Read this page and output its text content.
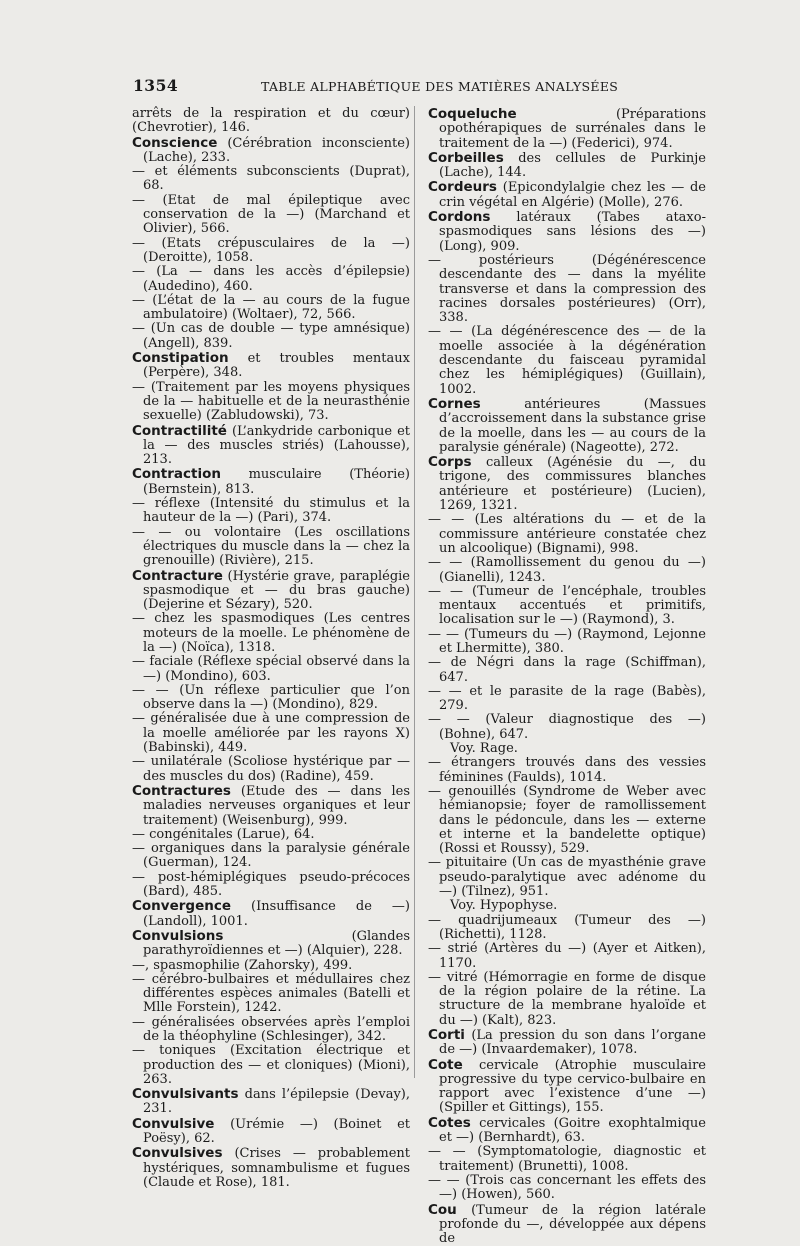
1354	TABLE ALPHABÉTIQUE DES MATIÈRES ANALYSÉES

arrêts de la respiration et du cœur) (Chevrotier), 146.

Conscience (Cérébration inconsciente) (Lache), 233.

— et éléments subconscients (Duprat), 68.

— (Etat de mal épileptique avec conservation de la —) (Marchand et Olivier), 566.

— (Etats crépusculaires de la —) (Deroitte), 1058.

— (La — dans les accès d’épilepsie) (Audedino), 460.

— (L’état de la — au cours de la fugue ambulatoire) (Woltaer), 72, 566.

— (Un cas de double — type amnésique) (Angell), 839.

Constipation et troubles mentaux (Perpère), 348.

— (Traitement par les moyens physiques de la — habituelle et de la neurasthénie sexuelle) (Zabludowski), 73.

Contractilité (L’ankydride carbonique et la — des muscles striés) (Lahousse), 213.

Contraction musculaire (Théorie) (Bernstein), 813.

— réflexe (Intensité du stimulus et la hauteur de la —) (Pari), 374.

— — ou volontaire (Les oscillations électriques du muscle dans la — chez la grenouille) (Rivière), 215.

Contracture (Hystérie grave, paraplégie spasmodique et — du bras gauche) (Dejerine et Sézary), 520.

— chez les spasmodiques (Les centres moteurs de la moelle. Le phénomène de la —) (Noïca), 1318.

— faciale (Réflexe spécial observé dans la —) (Mondino), 603.

— — (Un réflexe particulier que l’on observe dans la —) (Mondino), 829.

— généralisée due à une compression de la moelle améliorée par les rayons X) (Babinski), 449.

— unilatérale (Scoliose hystérique par — des muscles du dos) (Radine), 459.

Contractures (Etude des — dans les maladies nerveuses organiques et leur traitement) (Weisenburg), 999.

— congénitales (Larue), 64.

— organiques dans la paralysie générale (Guerman), 124.

— post-hémiplégiques pseudo-précoces (Bard), 485.

Convergence (Insuffisance de —) (Landoll), 1001.

Convulsions	(Glandes parathyroïdiennes et —) (Alquier), 228.

—, spasmophilie (Zahorsky), 499.

— cérébro-bulbaires et médullaires chez différentes espèces animales (Batelli et Mlle Forstein), 1242.

— généralisées observées après l’emploi de la théophyline (Schlesinger), 342.

— toniques (Excitation électrique et production des — et cloniques) (Mioni), 263.

Convulsivants dans l’épilepsie (Devay), 231.

Convulsive (Urémie —) (Boinet et Poësy), 62.

Convulsives (Crises — probablement hystériques, somnambulisme et fugues (Claude et Rose), 181.

Coqueluche	(Préparations opothérapiques de surrénales dans le traitement de la —) (Federici), 974.

Corbeilles des cellules de Purkinje (Lache), 144.

Cordeurs (Epicondylalgie chez les — de crin végétal en Algérie) (Molle), 276.

Cordons latéraux (Tabes ataxo-spasmodiques sans lésions des —) (Long), 909.

— postérieurs (Dégénérescence descendante des — dans la myélite transverse et dans la compression des racines dorsales postérieures) (Orr), 338.

— — (La dégénérescence des — de la moelle associée à la dégénération descendante du faisceau pyramidal chez les hémiplégiques) (Guillain), 1002.

Cornes	antérieures (Massues d’accroissement dans la substance grise de la moelle, dans les — au cours de la paralysie générale) (Nageotte), 272.

Corps calleux (Agénésie du —, du trigone, des commissures blanches antérieure et postérieure) (Lucien), 1269, 1321.

— — (Les altérations du — et de la commissure antérieure constatée chez un alcoolique) (Bignami), 998.

— — (Ramollissement du genou du —) (Gianelli), 1243.

— — (Tumeur de l’encéphale, troubles mentaux accentués et primitifs, localisation sur le —) (Raymond), 3.

— — (Tumeurs du —) (Raymond, Lejonne et Lhermitte), 380.

— de Négri dans la rage (Schiffman), 647.

— — et le parasite de la rage (Babès), 279.

— — (Valeur diagnostique des —) (Bohne), 647.

Voy. Rage.

— étrangers trouvés dans des vessies féminines (Faulds), 1014.

— genouillés (Syndrome de Weber avec hémianopsie; foyer de ramollissement dans le pédoncule, dans les — externe et interne et la bandelette optique) (Rossi et Roussy), 529.

— pituitaire (Un cas de myasthénie grave pseudo-paralytique avec adénome du —) (Tilnez), 951.

Voy. Hypophyse.

— quadrijumeaux (Tumeur des —) (Richetti), 1128.

— strié (Artères du —) (Ayer et Aitken), 1170.

— vitré (Hémorragie en forme de disque de la région polaire de la rétine. La structure de la membrane hyaloïde et du —) (Kalt), 823.

Corti (La pression du son dans l’organe de —) (Invaardemaker), 1078.

Cote cervicale (Atrophie musculaire progressive du type cervico-bulbaire en rapport avec l’existence d’une —) (Spiller et Gittings), 155.

Cotes cervicales (Goitre exophtalmique et —) (Bernhardt), 63.

— — (Symptomatologie, diagnostic et traitement) (Brunetti), 1008.

— — (Trois cas concernant les effets des —) (Howen), 560.

Cou (Tumeur de la région latérale profonde du —, développée aux dépens de
